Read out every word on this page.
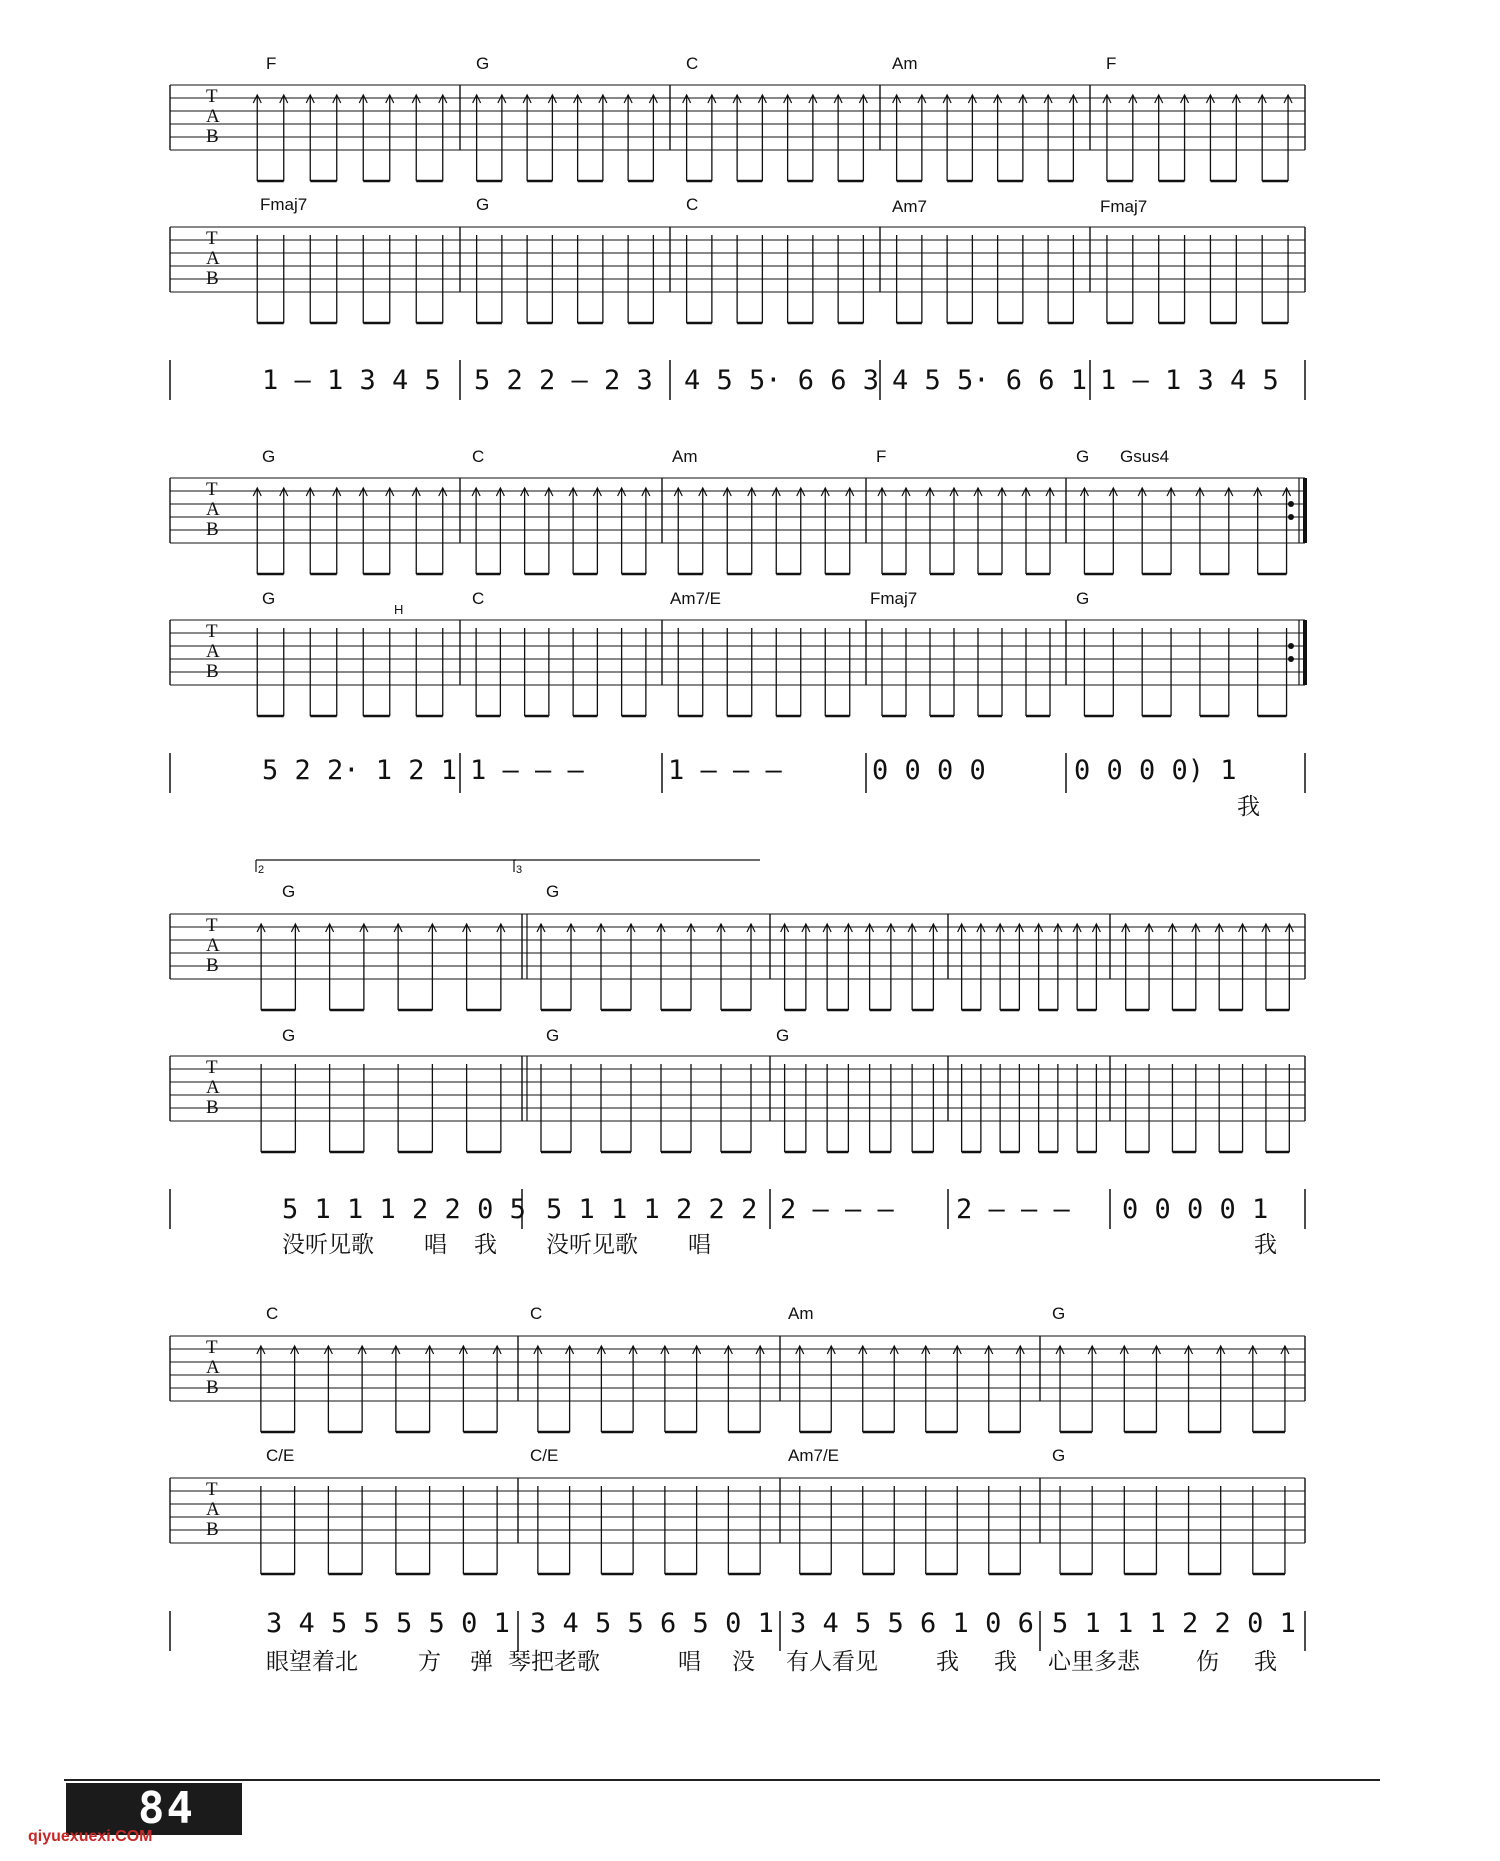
T
A
B
T
A
B
T
A
B
T
A
B
T
A
B
T
A
B
T
A
B
T
A
B
F	G	C	Am	F
Fmaj7	G	C	Am7	Fmaj7
1 — 1 3 4 5 5 2 2 — 2 3 4 5 5· 6 6 3 4 5 5· 6 6 1 1 — 1 3 4 5
G	C	Am	F	G Gsus4
G
H
C	Am7/E	Fmaj7	G
5 2 2· 1 2 1 1 — — —	1 — — —	0 0 0 0	0 0 0 0) 1
我
2	3
G	G
G	G	G
5 1 1 1 2 2 0 5 5 1 1 1 2 2 2 2 — — — 2 — — — 0 0 0 0 1
没听见歌 唱 我 没听见歌 唱	我
C	C	Am	G
C/E	C/E	Am7/E	G
3 4 5 5 5 5 0 1 3 4 5 5 6 5 0 1 3 4 5 5 6 1 0 6 5 1 1 1 2 2 0 1
眼望着北	方 弹 琴把老歌	唱 没 有人看见	我 我 心里多悲 伤 我
84
qiyuexuexi.COM
